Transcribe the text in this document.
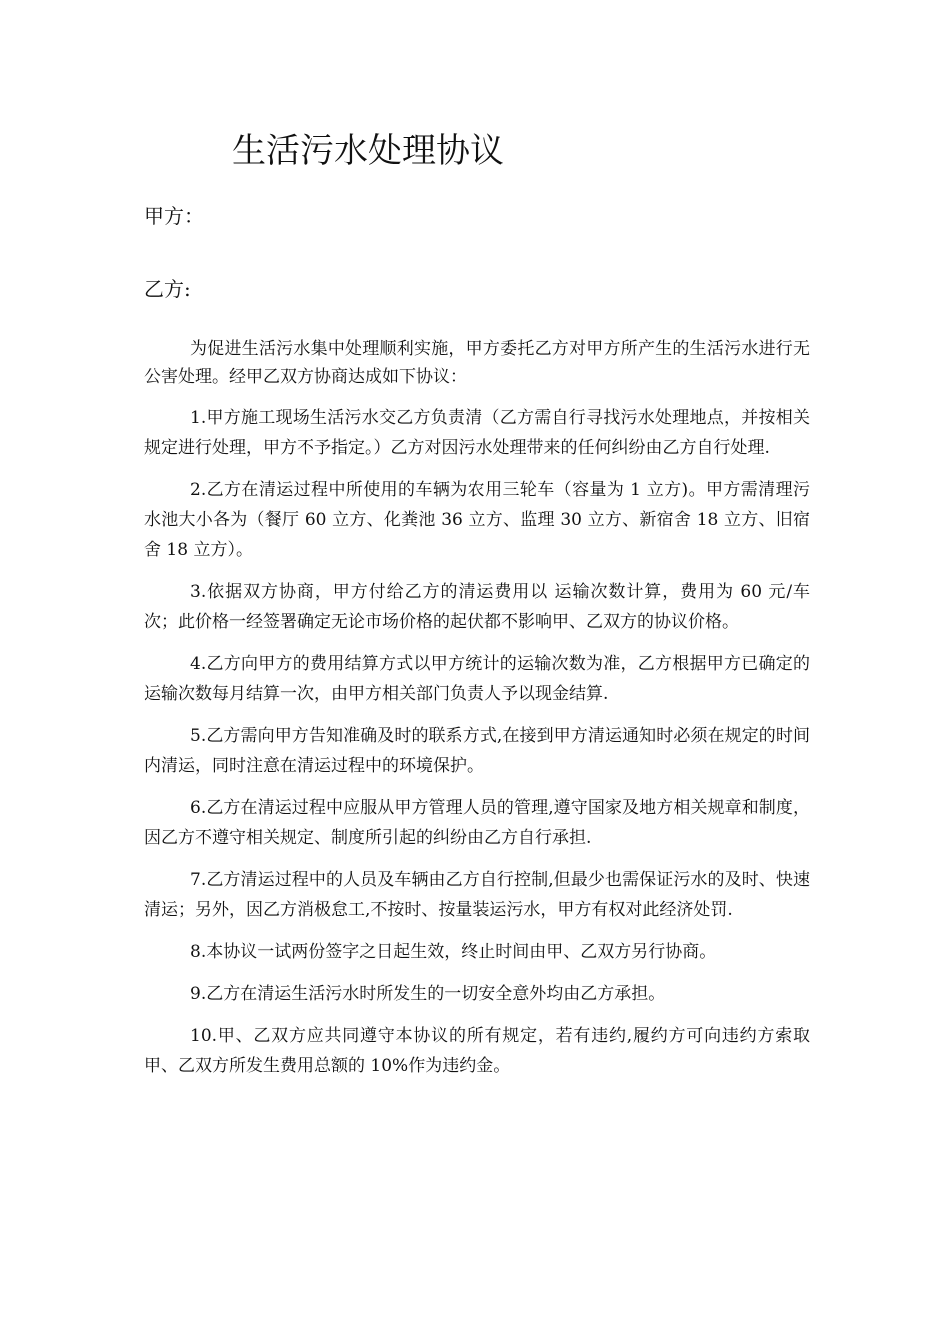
生活污水处理协议

甲方：

乙方:

为促进生活污水集中处理顺利实施，甲方委托乙方对甲方所产生的生活污水进行无公害处理。经甲乙双方协商达成如下协议：

1.甲方施工现场生活污水交乙方负责清（乙方需自行寻找污水处理地点，并按相关规定进行处理，甲方不予指定。）乙方对因污水处理带来的任何纠纷由乙方自行处理.
2.乙方在清运过程中所使用的车辆为农用三轮车（容量为 1 立方)。甲方需清理污水池大小各为（餐厅 60 立方、化粪池 36 立方、监理 30 立方、新宿舍 18 立方、旧宿舍 18 立方）。
3.依据双方协商，甲方付给乙方的清运费用以 运输次数计算，费用为 60 元/车次；此价格一经签署确定无论市场价格的起伏都不影响甲、乙双方的协议价格。
4.乙方向甲方的费用结算方式以甲方统计的运输次数为准，乙方根据甲方已确定的运输次数每月结算一次，由甲方相关部门负责人予以现金结算.
5.乙方需向甲方告知准确及时的联系方式,在接到甲方清运通知时必须在规定的时间内清运，同时注意在清运过程中的环境保护。
6.乙方在清运过程中应服从甲方管理人员的管理,遵守国家及地方相关规章和制度，因乙方不遵守相关规定、制度所引起的纠纷由乙方自行承担.
7.乙方清运过程中的人员及车辆由乙方自行控制,但最少也需保证污水的及时、快速清运；另外，因乙方消极怠工,不按时、按量装运污水，甲方有权对此经济处罚.
8.本协议一试两份签字之日起生效，终止时间由甲、乙双方另行协商。
9.乙方在清运生活污水时所发生的一切安全意外均由乙方承担。
10.甲、乙双方应共同遵守本协议的所有规定，若有违约,履约方可向违约方索取甲、乙双方所发生费用总额的 10%作为违约金。
